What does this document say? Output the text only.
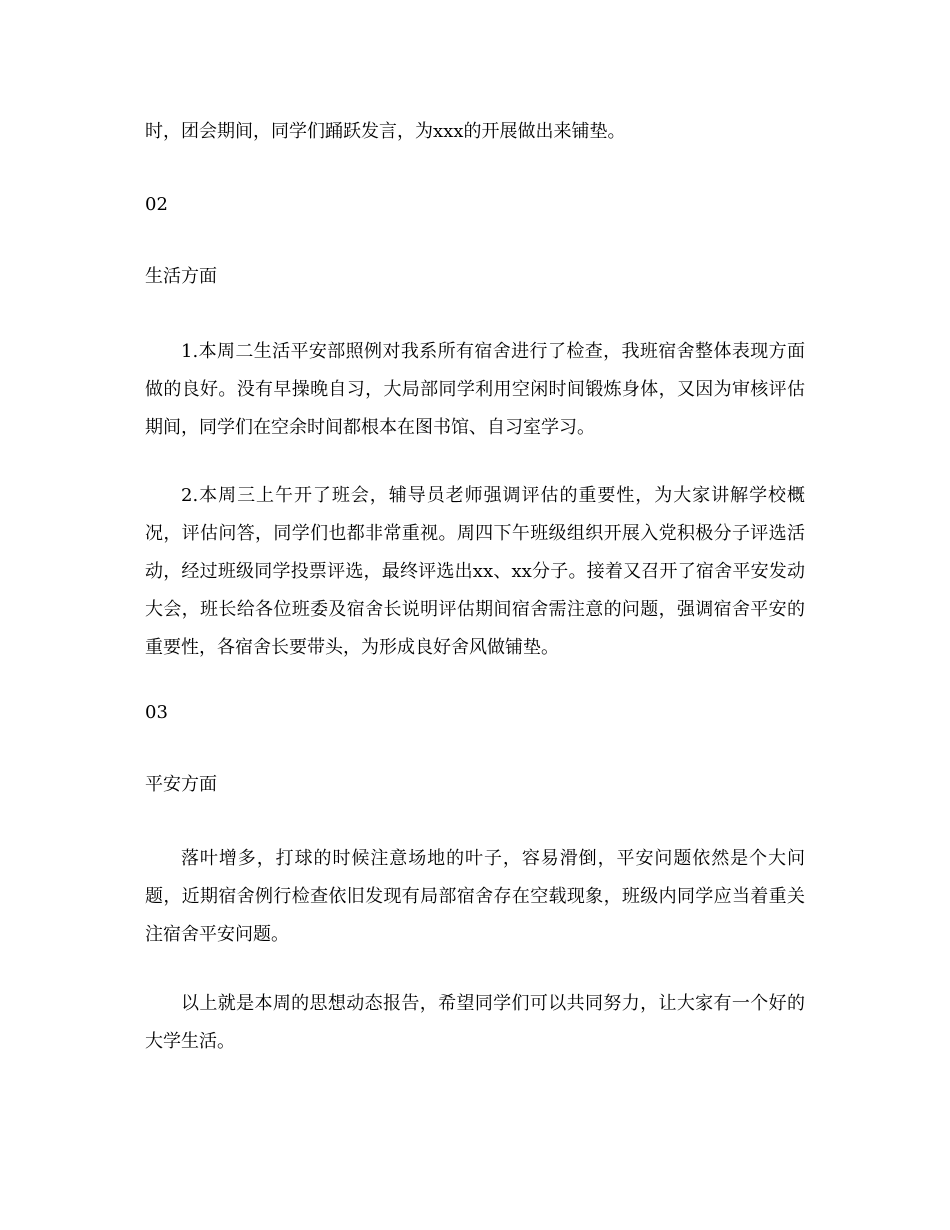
时，团会期间，同学们踊跃发言，为xxx的开展做出来铺垫。

02

生活方面

1.本周二生活平安部照例对我系所有宿舍进行了检查，我班宿舍整体表现方面做的良好。没有早操晚自习，大局部同学利用空闲时间锻炼身体，又因为审核评估期间，同学们在空余时间都根本在图书馆、自习室学习。

2.本周三上午开了班会，辅导员老师强调评估的重要性，为大家讲解学校概况，评估问答，同学们也都非常重视。周四下午班级组织开展入党积极分子评选活动，经过班级同学投票评选，最终评选出xx、xx分子。接着又召开了宿舍平安发动大会，班长给各位班委及宿舍长说明评估期间宿舍需注意的问题，强调宿舍平安的重要性，各宿舍长要带头，为形成良好舍风做铺垫。

03

平安方面

落叶增多，打球的时候注意场地的叶子，容易滑倒，平安问题依然是个大问题，近期宿舍例行检查依旧发现有局部宿舍存在空载现象，班级内同学应当着重关注宿舍平安问题。

以上就是本周的思想动态报告，希望同学们可以共同努力，让大家有一个好的大学生活。
